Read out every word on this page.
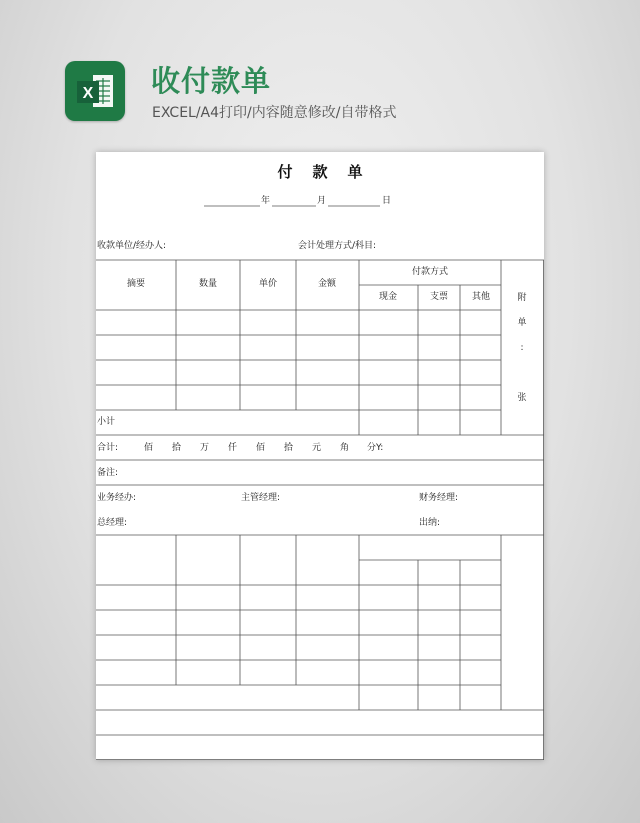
X 收付款单
EXCEL/A4打印/内容随意修改/自带格式
付款单
年	月	日
收款单位/经办人:	会计处理方式/科目:
摘要	数量	单价	金额
付款方式
现金	支票	其他	附
单
:
张
小计
合计:	佰 拾 万 仟 佰 拾 元 角 分Y:
备注:
业务经办:	主管经理:	财务经理:
总经理:	出纳:
